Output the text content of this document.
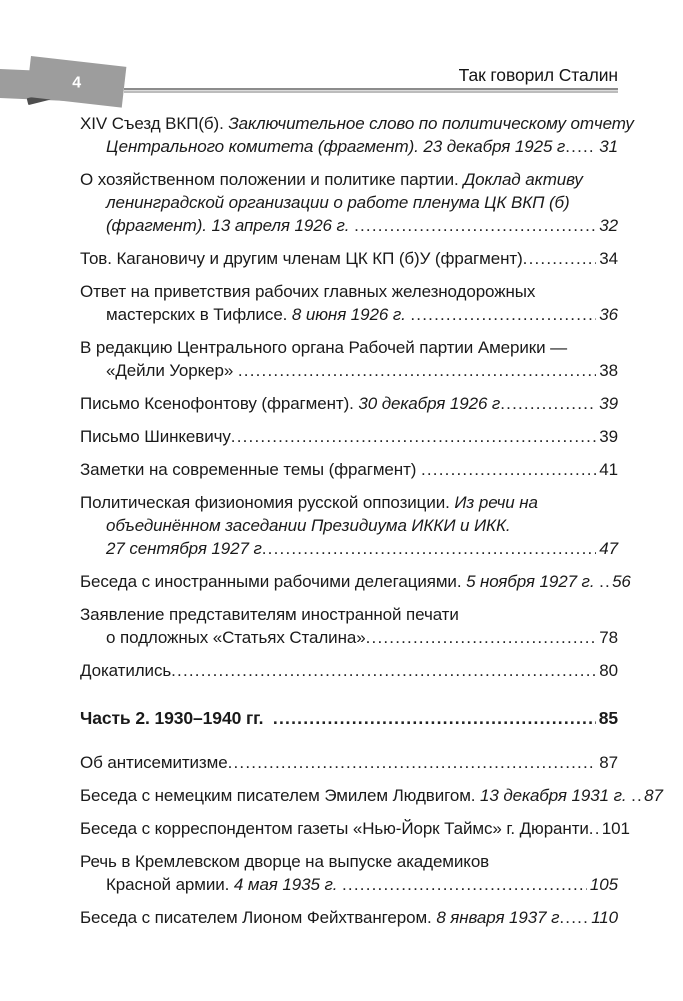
4	Так говорил Сталин
XIV Съезд ВКП(б). Заключительное слово по политическому отчету
Центрального комитета (фрагмент). 23 декабря 1925 г ..... 31
О хозяйственном положении и политике партии. Доклад активу
ленинградской организации о работе пленума ЦК ВКП (б)
(фрагмент). 13 апреля 1926 г. .....	32
Тов. Кагановичу и другим членам ЦК КП (б)У (фрагмент) .....	34
Ответ на приветствия рабочих главных железнодорожных
мастерских в Тифлисе. 8 июня 1926 г. .....	36
В редакцию Центрального органа Рабочей партии Америки —
«Дейли Уоркер» .....	38
Письмо Ксенофонтову (фрагмент). 30 декабря 1926 г .....	39
Письмо Шинкевичу .....	39
Заметки на современные темы (фрагмент) .....	41
Политическая физиономия русской оппозиции. Из речи на
объединённом заседании Президиума ИККИ и ИКК.
27 сентября 1927 г .....	47
Беседа с иностранными рабочими делегациями. 5 ноября 1927 г. ..... 56
Заявление представителям иностранной печати
о подложных «Статьях Сталина» .....	78
Докатились .....	80
Часть 2. 1930–1940 гг. .....	85
Об антисемитизме .....	87
Беседа с немецким писателем Эмилем Людвигом. 13 декабря 1931 г. ..... 87
Беседа с корреспондентом газеты «Нью-Йорк Таймс» г. Дюранти ..... 101
Речь в Кремлевском дворце на выпуске академиков
Красной армии. 4 мая 1935 г. .....	105
Беседа с писателем Лионом Фейхтвангером. 8 января 1937 г ..... 110
